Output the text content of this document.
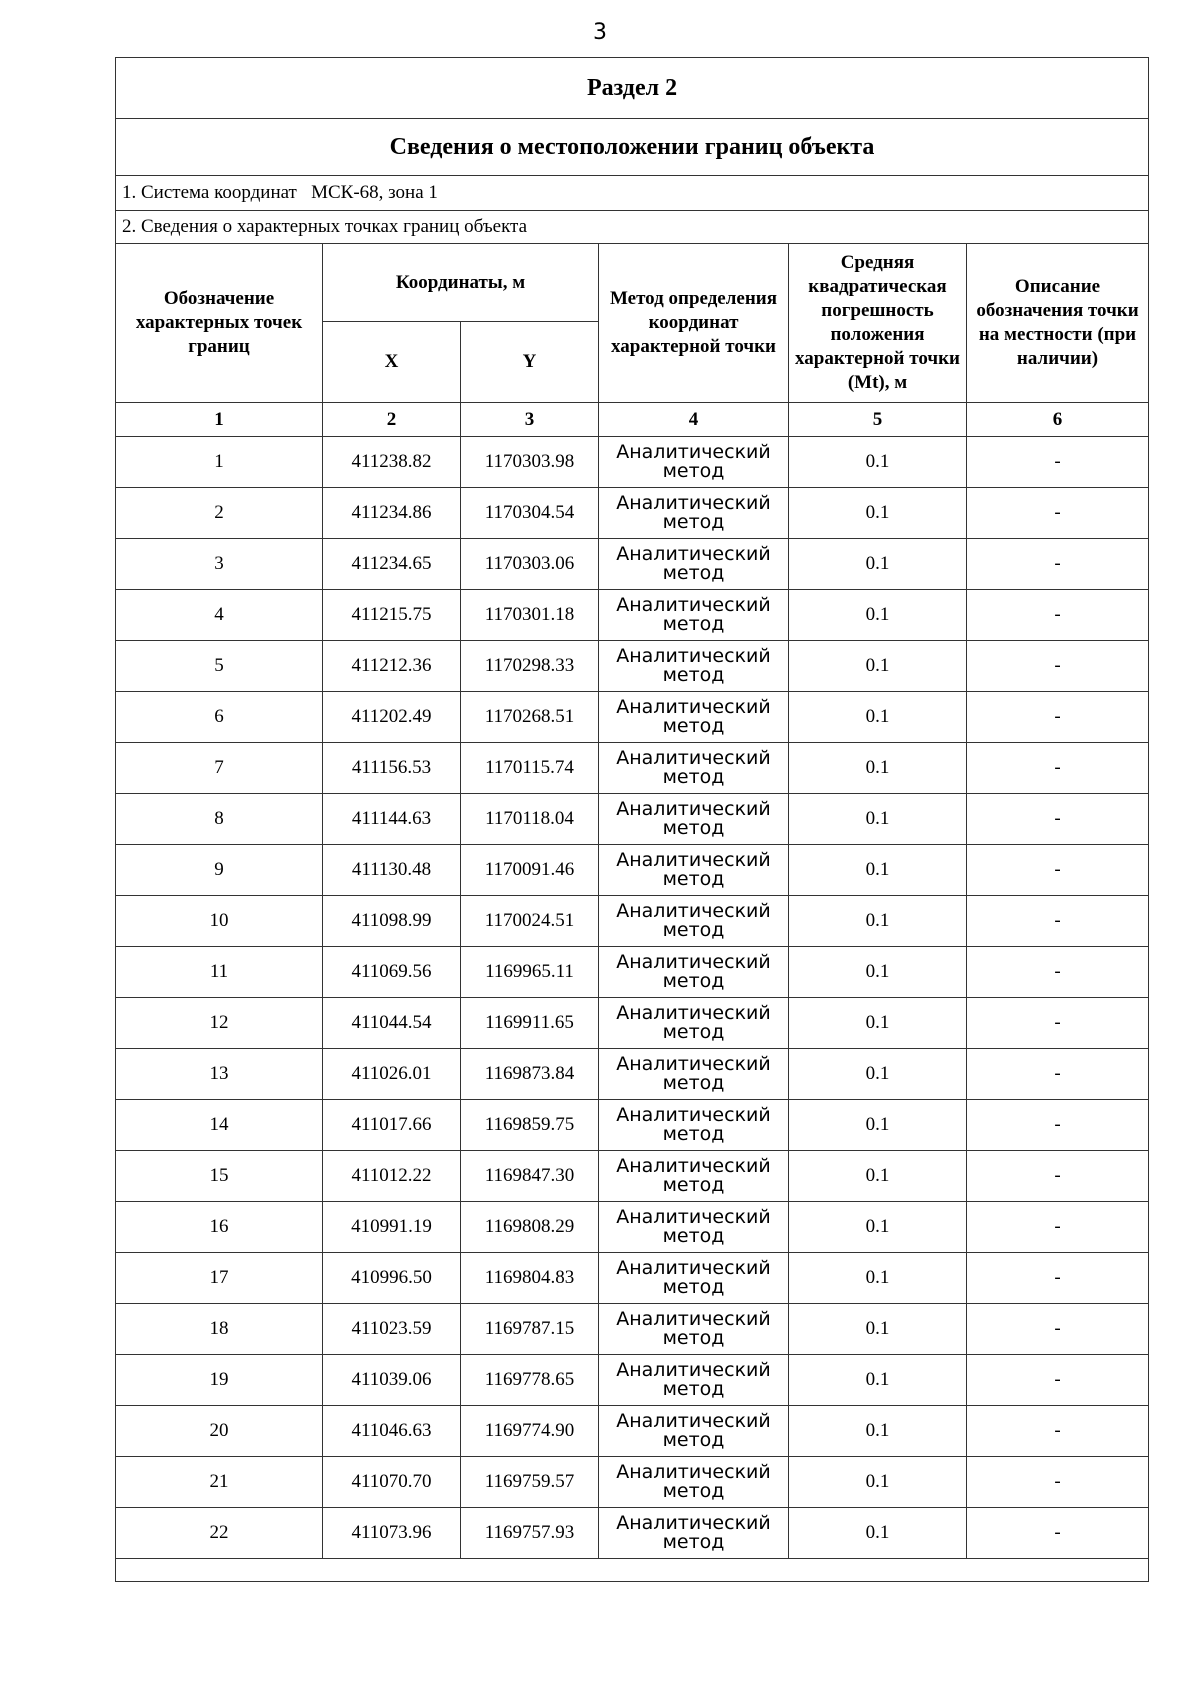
3
Раздел 2					
Сведения о местоположении границ объекта					
1. Система координат   МСК-68, зона 1					
2. Сведения о характерных точках границ объекта					
Обозначение характерных точек границ	Координаты, м		Метод определения координат характерной точки	Средняя квадратическая погрешность положения характерной точки (Mt), м	Описание обозначения точки на местности (при наличии)
	X	Y			
1	2	3	4	5	6
1	411238.82	1170303.98	Аналитический метод	0.1	-
2	411234.86	1170304.54	Аналитический метод	0.1	-
3	411234.65	1170303.06	Аналитический метод	0.1	-
4	411215.75	1170301.18	Аналитический метод	0.1	-
5	411212.36	1170298.33	Аналитический метод	0.1	-
6	411202.49	1170268.51	Аналитический метод	0.1	-
7	411156.53	1170115.74	Аналитический метод	0.1	-
8	411144.63	1170118.04	Аналитический метод	0.1	-
9	411130.48	1170091.46	Аналитический метод	0.1	-
10	411098.99	1170024.51	Аналитический метод	0.1	-
11	411069.56	1169965.11	Аналитический метод	0.1	-
12	411044.54	1169911.65	Аналитический метод	0.1	-
13	411026.01	1169873.84	Аналитический метод	0.1	-
14	411017.66	1169859.75	Аналитический метод	0.1	-
15	411012.22	1169847.30	Аналитический метод	0.1	-
16	410991.19	1169808.29	Аналитический метод	0.1	-
17	410996.50	1169804.83	Аналитический метод	0.1	-
18	411023.59	1169787.15	Аналитический метод	0.1	-
19	411039.06	1169778.65	Аналитический метод	0.1	-
20	411046.63	1169774.90	Аналитический метод	0.1	-
21	411070.70	1169759.57	Аналитический метод	0.1	-
22	411073.96	1169757.93	Аналитический метод	0.1	-
